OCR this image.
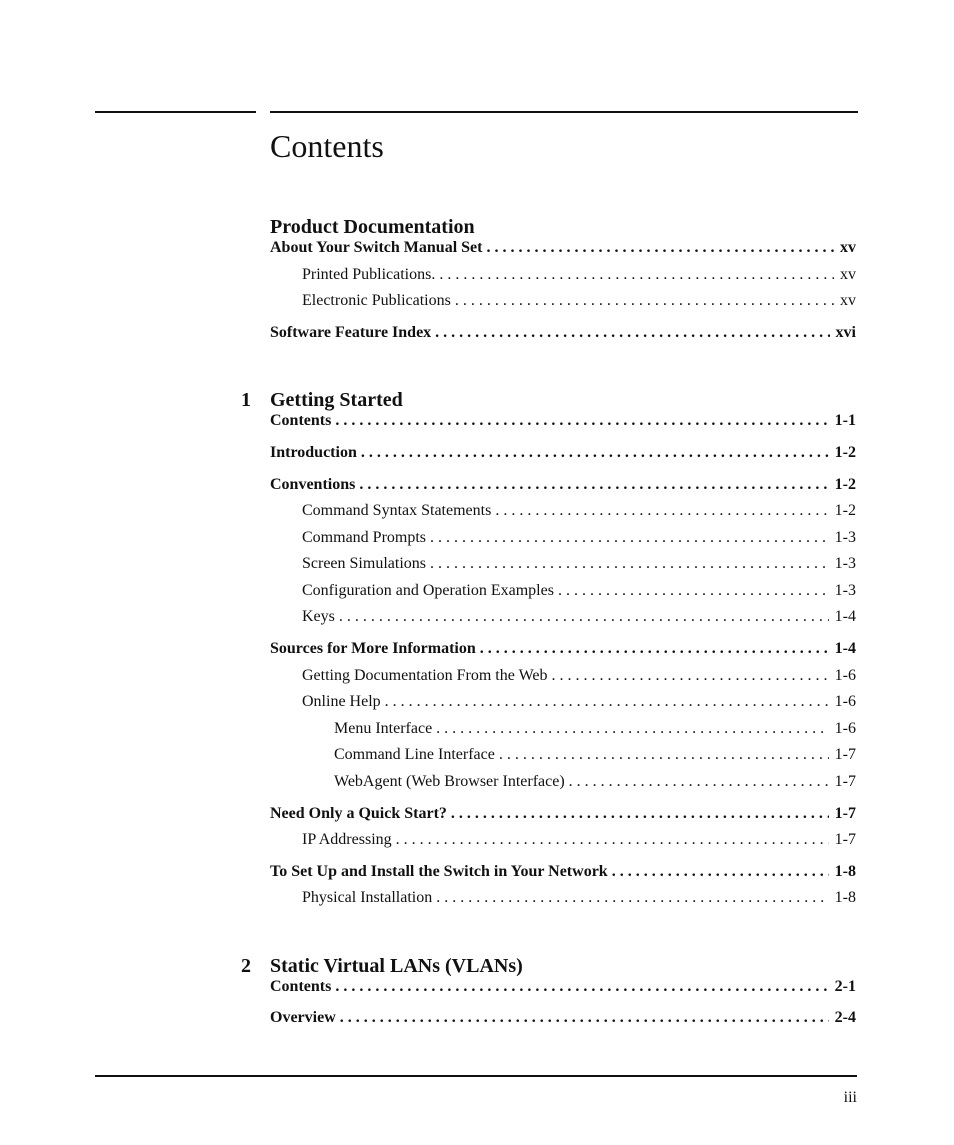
Contents
Product Documentation
About Your Switch Manual Set . . .	xv
Printed Publications. . . .	xv
Electronic Publications . . .	xv
Software Feature Index . . .	xvi
1 Getting Started
Contents . . .	1-1
Introduction . . .	1-2
Conventions . . .	1-2
Command Syntax Statements . . .	1-2
Command Prompts . . .	1-3
Screen Simulations . . .	1-3
Configuration and Operation Examples . . .	1-3
Keys . . .	1-4
Sources for More Information . . .	1-4
Getting Documentation From the Web . . .	1-6
Online Help . . .	1-6
Menu Interface . . .	1-6
Command Line Interface . . .	1-7
WebAgent (Web Browser Interface) . . .	1-7
Need Only a Quick Start? . . .	1-7
IP Addressing . . .	1-7
To Set Up and Install the Switch in Your Network . . .	1-8
Physical Installation . . .	1-8
2 Static Virtual LANs (VLANs)
Contents . . .	2-1
Overview . . .	2-4
iii
